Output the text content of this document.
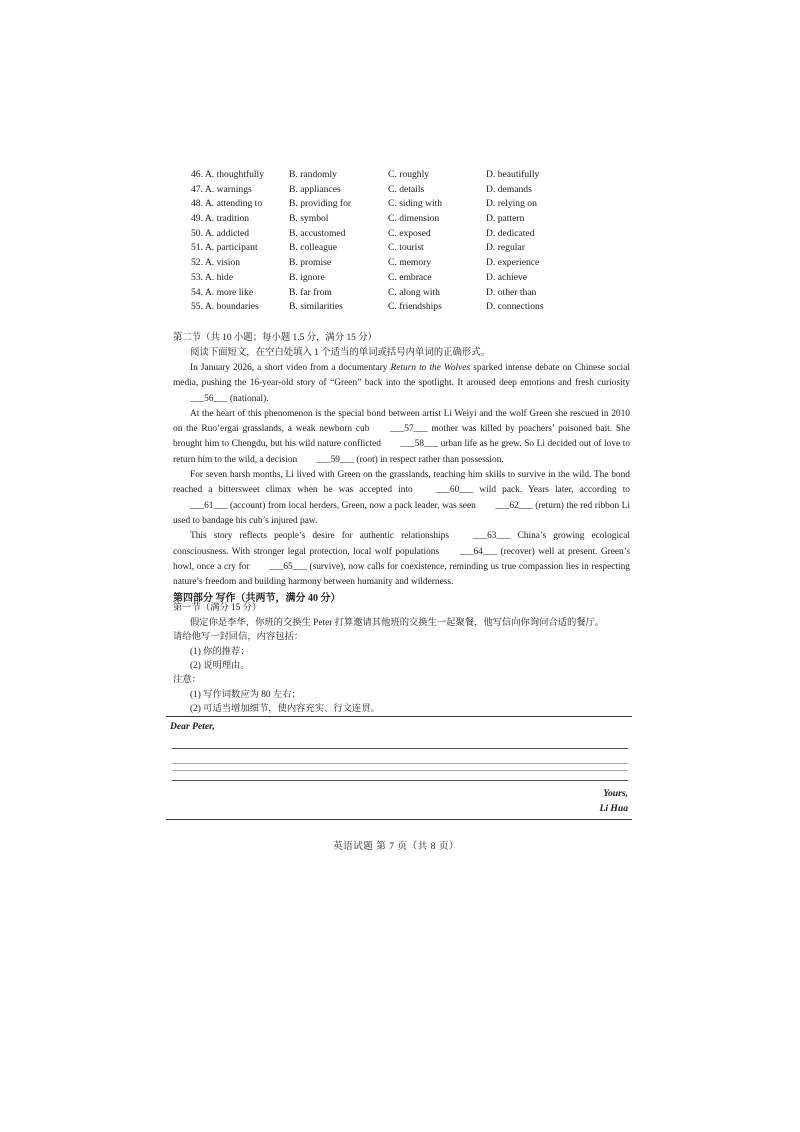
46. A. thoughtfully	B. randomly	C. roughly	D. beautifully
47. A. warnings	B. appliances	C. details	D. demands
48. A. attending to	B. providing for	C. siding with	D. relying on
49. A. tradition	B. symbol	C. dimension	D. pattern
50. A. addicted	B. accustomed	C. exposed	D. dedicated
51. A. participant	B. colleague	C. tourist	D. regular
52. A. vision	B. promise	C. memory	D. experience
53. A. hide	B. ignore	C. embrace	D. achieve
54. A. more like	B. far from	C. along with	D. other than
55. A. boundaries	B. similarities	C. friendships	D. connections
第二节（共 10 小题；每小题 1.5 分，满分 15 分）
阅读下面短文，在空白处填入 1 个适当的单词或括号内单词的正确形式。

In January 2026, a short video from a documentary Return to the Wolves sparked intense debate on Chinese social media, pushing the 16-year-old story of “Green” back into the spotlight. It aroused deep emotions and fresh curiosity ___56___ (national).

At the heart of this phenomenon is the special bond between artist Li Weiyi and the wolf Green she rescued in 2010 on the Ruo’ergai grasslands, a weak newborn cub ___57___ mother was killed by poachers’ poisoned bait. She brought him to Chengdu, but his wild nature conflicted ___58___ urban life as he grew. So Li decided out of love to return him to the wild, a decision ___59___ (root) in respect rather than possession.

For seven harsh months, Li lived with Green on the grasslands, teaching him skills to survive in the wild. The bond reached a bittersweet climax when he was accepted into ___60___ wild pack. Years later, according to ___61___ (account) from local herders, Green, now a pack leader, was seen ___62___ (return) the red ribbon Li used to bandage his cub’s injured paw.

This story reflects people’s desire for authentic relationships ___63___ China’s growing ecological consciousness. With stronger legal protection, local wolf populations ___64___ (recover) well at present. Green’s howl, once a cry for ___65___ (survive), now calls for coexistence, reminding us true compassion lies in respecting nature’s freedom and building harmony between humanity and wilderness.

第四部分 写作（共两节，满分 40 分）
第一节（满分 15 分）
假定你是李华，你班的交换生 Peter 打算邀请其他班的交换生一起聚餐，他写信向你询问合适的餐厅。
请给他写一封回信，内容包括：
(1) 你的推荐；
(2) 说明理由。
注意：
(1) 写作词数应为 80 左右；
(2) 可适当增加细节，使内容充实、行文连贯。
Dear Peter,
Yours,
Li Hua
英语试题 第 7 页（共 8 页）
